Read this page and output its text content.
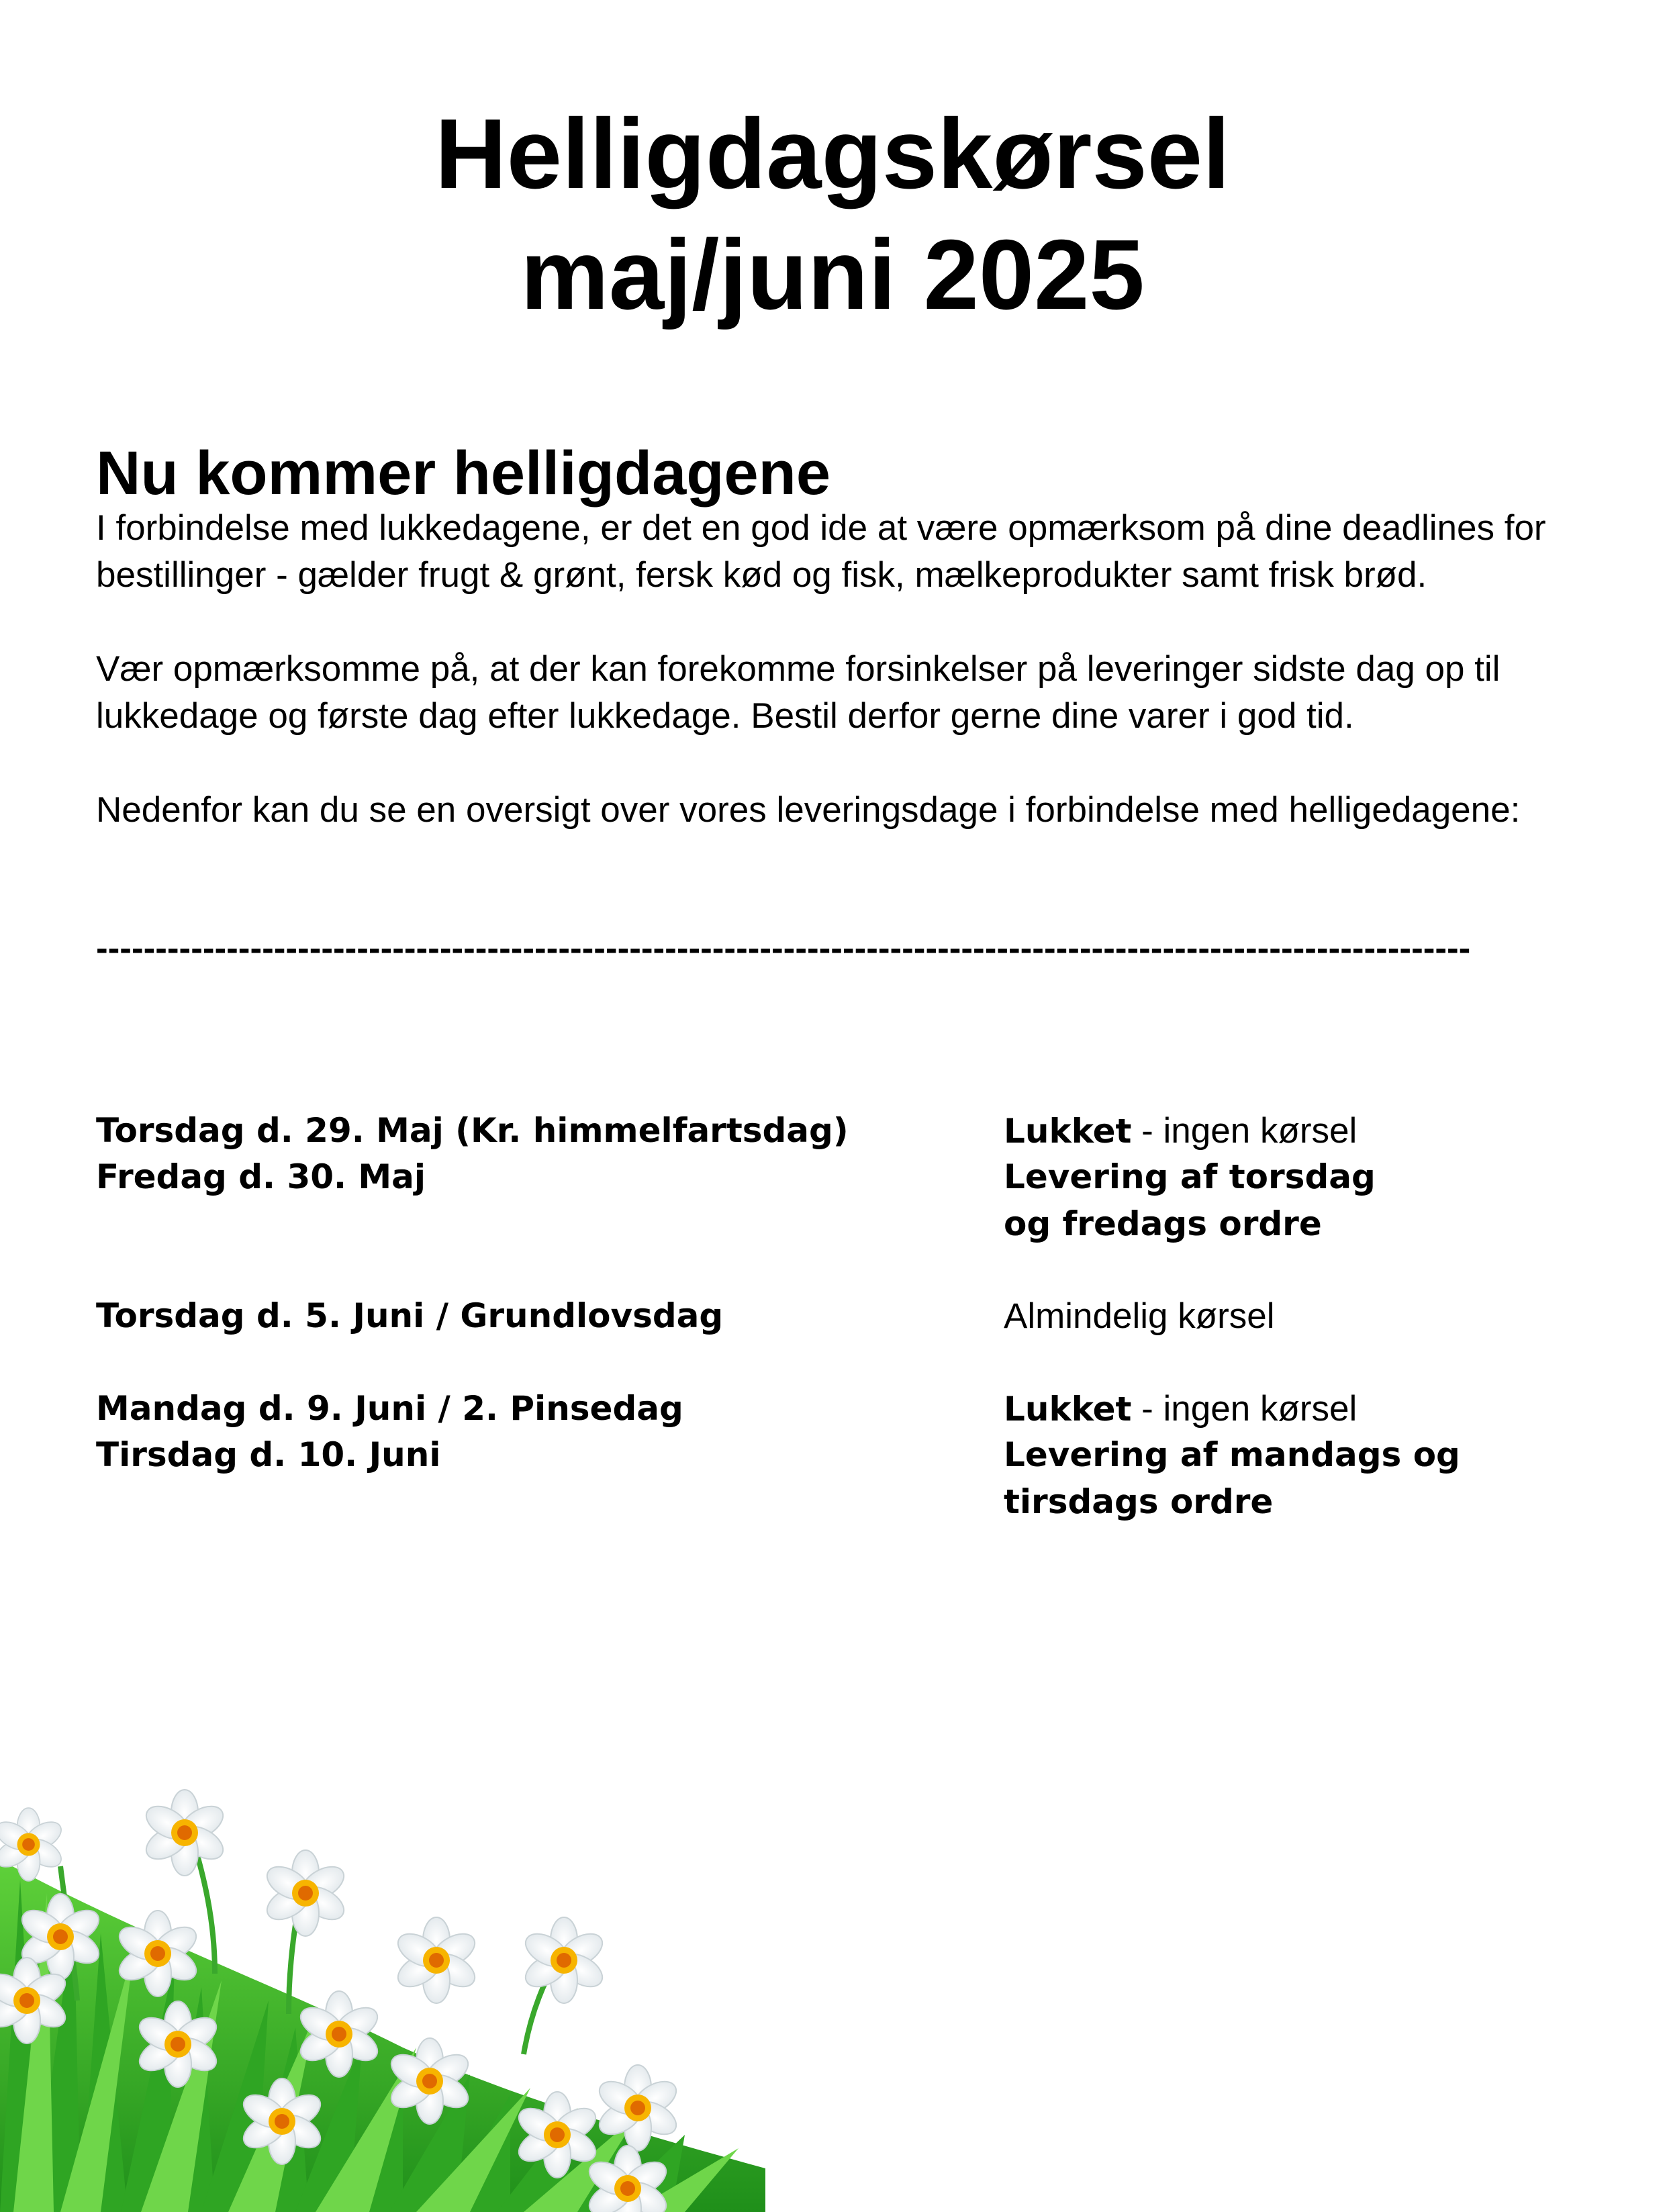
Helligdagskørsel
maj/juni 2025
Nu kommer helligdagene

I forbindelse med lukkedagene, er det en god ide at være opmærksom på dine deadlines for bestillinger - gælder frugt & grønt, fersk kød og fisk, mælkeprodukter samt frisk brød.

Vær opmærksomme på, at der kan forekomme forsinkelser på leveringer sidste dag op til lukkedage og første dag efter lukkedage. Bestil derfor gerne dine varer i god tid.

Nedenfor kan du se en oversigt over vores leveringsdage i forbindelse med helligedagene:

--------------------------------------------------------------------------------------------------------------------
Torsdag d. 29. Maj (Kr. himmelfartsdag)	Lukket - ingen kørsel
Fredag d. 30. Maj	Levering af torsdag og fredags ordre
Torsdag d. 5. Juni / Grundlovsdag	Almindelig kørsel
Mandag d. 9. Juni / 2. Pinsedag	Lukket - ingen kørsel
Tirsdag d. 10. Juni	Levering af mandags og tirsdags ordre
